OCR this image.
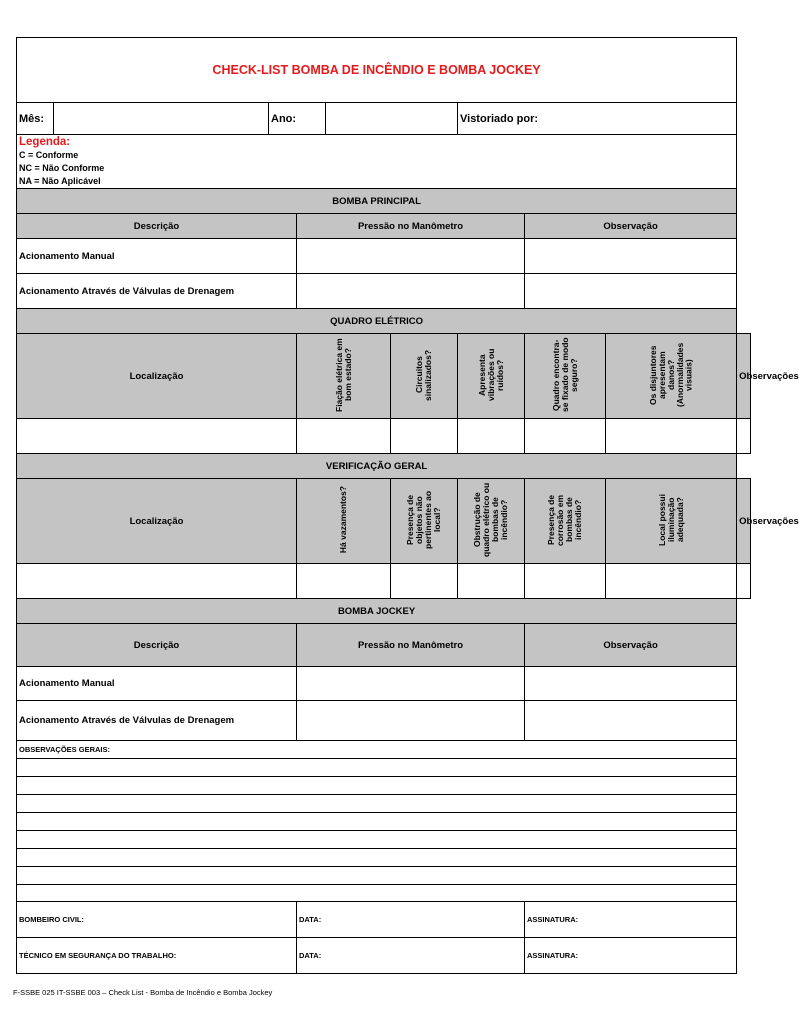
CHECK-LIST BOMBA DE INCÊNDIO E BOMBA JOCKEY									
Mês:		Ano:				Vistoriado por:			

Legenda:
C = Conforme
NC = Não Conforme
NA = Não Aplicável									

BOMBA PRINCIPAL									
Descrição			Pressão no Manômetro				Observação		
Acionamento Manual									
Acionamento Através de Válvulas de Drenagem									
QUADRO ELÉTRICO									
Localização			Fiação elétrica em bom estado?		Circuitos sinalizados?	Apresenta vibrações ou ruídos?	Quadro encontra-se fixado de modo seguro?	Os disjuntores apresentam danos? (Anormalidades visuais)	Observações

VERIFICAÇÃO GERAL									
Localização			Há vazamentos?		Presença de objetos não pertinentes ao local?	Obstrução de quadro elétrico ou bombas de incêndio?	Presença de corrosão em bombas de incêndio?	Local possui iluminação adequada?	Observações

BOMBA JOCKEY									
Descrição			Pressão no Manômetro				Observação		
Acionamento Manual									
Acionamento Através de Válvulas de Drenagem									
OBSERVAÇÕES GERAIS:									

BOMBEIRO CIVIL:			DATA:				ASSINATURA:		
TÉCNICO EM SEGURANÇA DO TRABALHO:			DATA:				ASSINATURA:		
F-SSBE 025 IT-SSBE 003 – Check List - Bomba de Incêndio e Bomba Jockey
